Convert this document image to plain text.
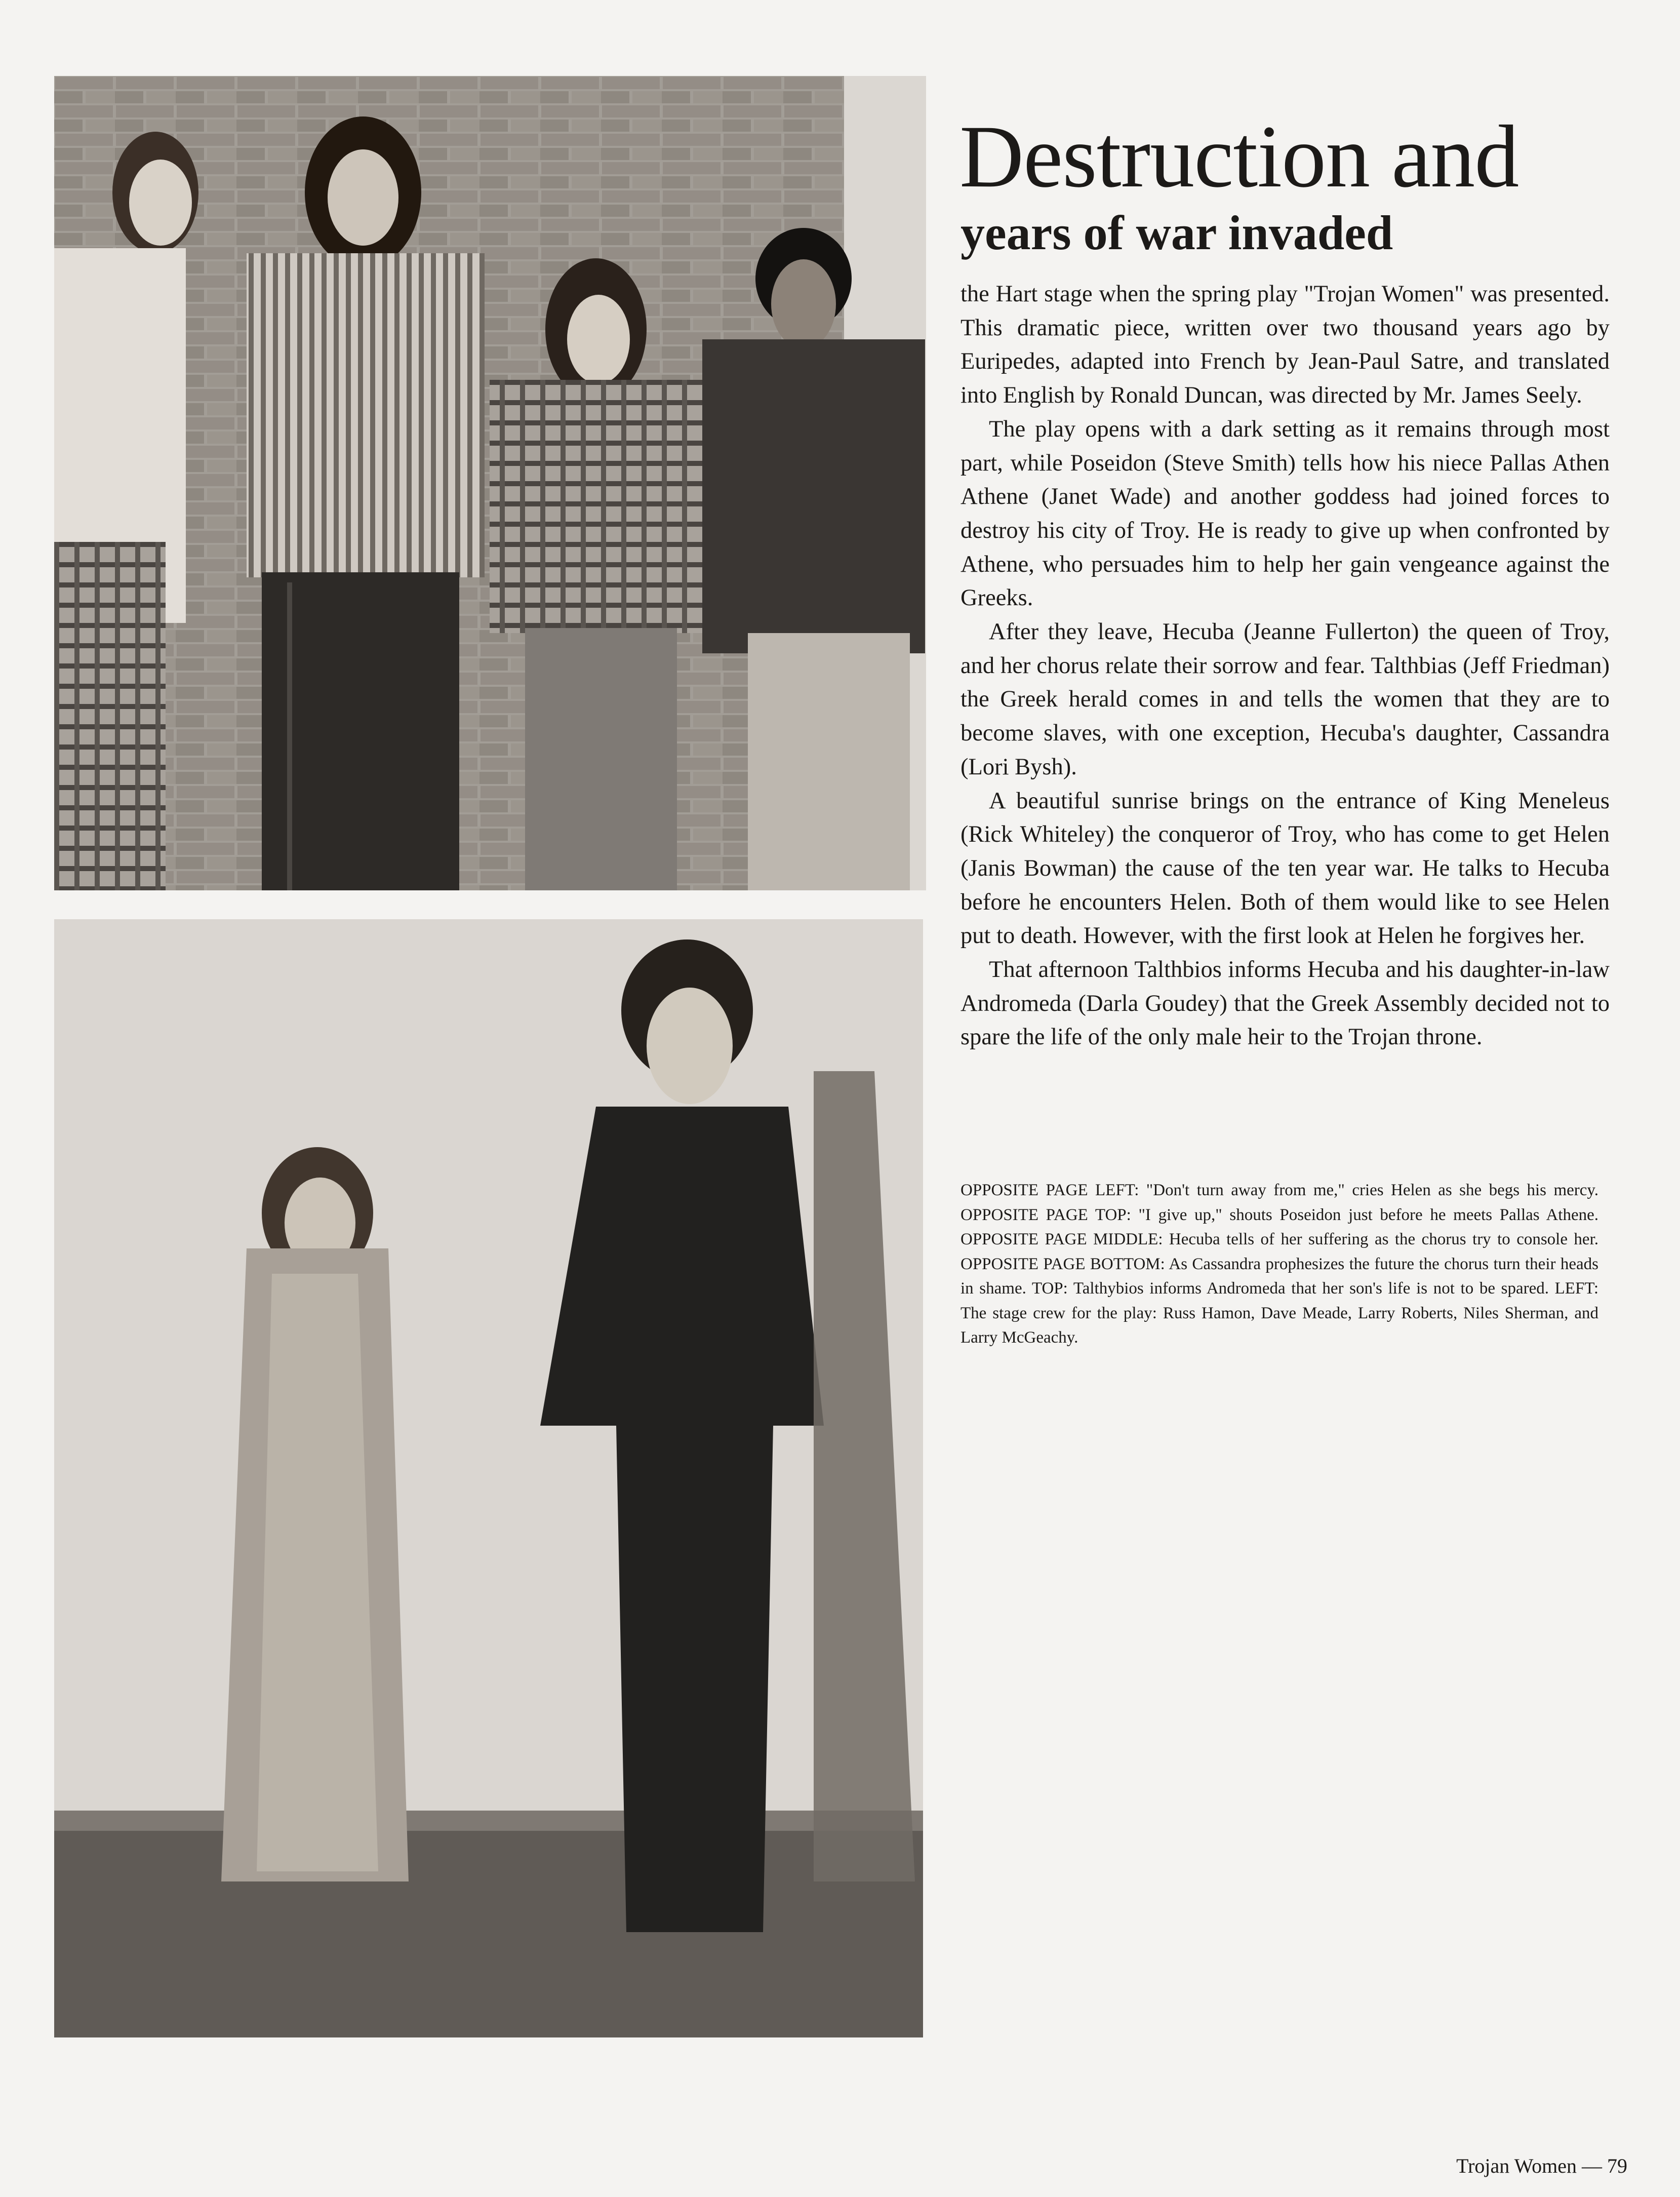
Destruction and
years of war invaded

the Hart stage when the spring play "Trojan Women" was presented. This dramatic piece, written over two thousand years ago by Euripedes, adapted into French by Jean-Paul Satre, and translated into English by Ronald Duncan, was directed by Mr. James Seely.

The play opens with a dark setting as it remains through most part, while Poseidon (Steve Smith) tells how his niece Pallas Athen Athene (Janet Wade) and another goddess had joined forces to destroy his city of Troy. He is ready to give up when confronted by Athene, who persuades him to help her gain vengeance against the Greeks.

After they leave, Hecuba (Jeanne Fullerton) the queen of Troy, and her chorus relate their sorrow and fear. Talthbias (Jeff Friedman) the Greek herald comes in and tells the women that they are to become slaves, with one exception, Hecuba's daughter, Cassandra (Lori Bysh).

A beautiful sunrise brings on the entrance of King Meneleus (Rick Whiteley) the conqueror of Troy, who has come to get Helen (Janis Bowman) the cause of the ten year war. He talks to Hecuba before he encounters Helen. Both of them would like to see Helen put to death. However, with the first look at Helen he forgives her.

That afternoon Talthbios informs Hecuba and his daughter-in-law Andromeda (Darla Goudey) that the Greek Assembly decided not to spare the life of the only male heir to the Trojan throne.

OPPOSITE PAGE LEFT: "Don't turn away from me," cries Helen as she begs his mercy. OPPOSITE PAGE TOP: "I give up," shouts Poseidon just before he meets Pallas Athene. OPPOSITE PAGE MIDDLE: Hecuba tells of her suffering as the chorus try to console her. OPPOSITE PAGE BOTTOM: As Cassandra prophesizes the future the chorus turn their heads in shame. TOP: Talthybios informs Andromeda that her son's life is not to be spared. LEFT: The stage crew for the play: Russ Hamon, Dave Meade, Larry Roberts, Niles Sherman, and Larry McGeachy.
Trojan Women — 79
